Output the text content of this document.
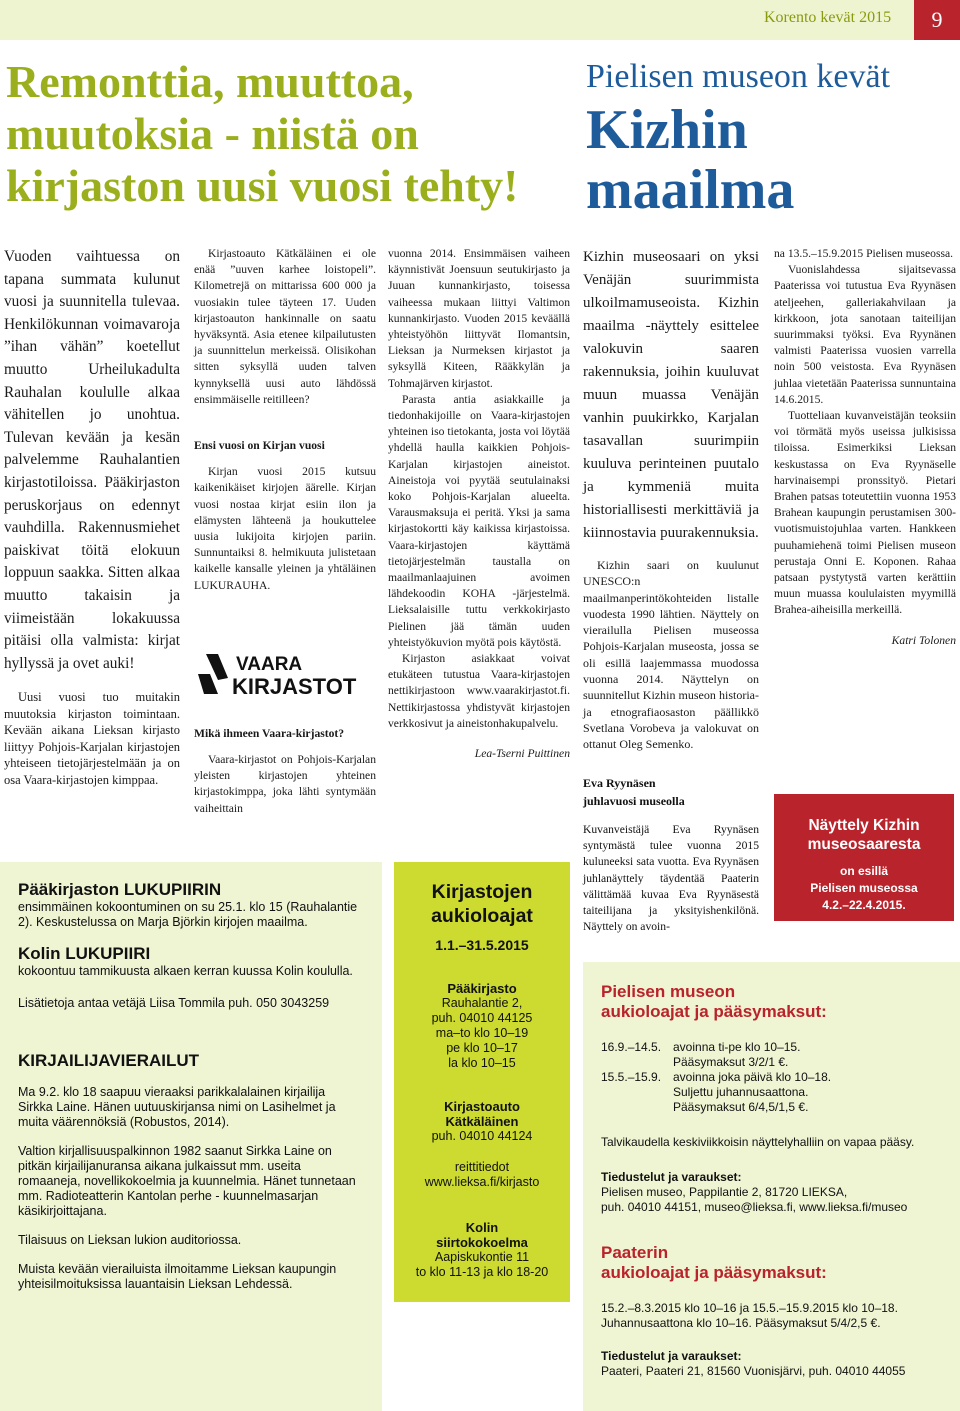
Korento kevät 2015	9
Remonttia, muuttoa, muutoksia - niistä on kirjaston uusi vuosi tehty!
Pielisen museon kevät
Kizhin maailma

Vuoden vaihtuessa on tapana summata kulunut vuosi ja suunnitella tulevaa. Henkilökunnan voimavaroja ”ihan vähän” koetellut muutto Urheilukadulta Rauhalan koululle alkaa vähitellen jo unohtua. Tulevan kevään ja kesän palvelemme Rauhalantien kirjastotiloissa. Pääkirjaston peruskorjaus on edennyt vauhdilla. Rakennusmiehet paiskivat töitä elokuun loppuun saakka. Sitten alkaa muutto takaisin ja viimeistään lokakuussa pitäisi olla valmista: kirjat hyllyssä ja ovet auki!

Uusi vuosi tuo muitakin muutoksia kirjaston toimintaan. Kevään aikana Lieksan kirjasto liittyy Pohjois-Karjalan kirjastojen yhteiseen tietojärjestelmään ja on osa Vaara-kirjastojen kimppaa.

Kirjastoauto Kätkäläinen ei ole enää ”uuven karhee loistopeli”. Kilometrejä on mittarissa 600 000 ja vuosiakin tulee täyteen 17. Uuden kirjastoauton hankinnalle on saatu hyväksyntä. Asia etenee kilpailutusten ja suunnittelun merkeissä. Olisikohan sitten syksyllä uuden talven kynnyksellä uusi auto lähdössä ensimmäiselle reitilleen?

Ensi vuosi on Kirjan vuosi

Kirjan vuosi 2015 kutsuu kaikenikäiset kirjojen äärelle. Kirjan vuosi nostaa kirjat esiin ilon ja elämysten lähteenä ja houkuttelee uusia lukijoita kirjojen pariin. Sunnuntaiksi 8. helmikuuta julistetaan kaikelle kansalle yleinen ja yhtäläinen LUKURAUHA.

Mikä ihmeen Vaara-kirjastot?

Vaara-kirjastot on Pohjois-Karjalan yleisten kirjastojen yhteinen kirjastokimppa, joka lähti syntymään vaiheittain

VAARA
KIRJASTOT

vuonna 2014. Ensimmäisen vaiheen käynnistivät Joensuun seutukirjasto ja Juuan kunnankirjasto, toisessa vaiheessa mukaan liittyi Valtimon kunnankirjasto. Vuoden 2015 keväällä yhteistyöhön liittyvät Ilomantsin, Lieksan ja Nurmeksen kirjastot ja syksyllä Kiteen, Rääkkylän ja Tohmajärven kirjastot.

Parasta antia asiakkaille ja tiedonhakijoille on Vaara-kirjastojen yhteinen iso tietokanta, josta voi löytää yhdellä haulla kaikkien Pohjois-Karjalan kirjastojen aineistot. Aineistoja voi pyytää seutulainaksi koko Pohjois-Karjalan alueelta. Varausmaksuja ei peritä. Yksi ja sama kirjastokortti käy kaikissa kirjastoissa. Vaara-kirjastojen käyttämä tietojärjestelmän taustalla on maailmanlaajuinen avoimen lähdekoodin KOHA -järjestelmä. Lieksalaisille tuttu verkkokirjasto Pielinen jää tämän uuden yhteistyökuvion myötä pois käytöstä.

Kirjaston asiakkaat voivat etukäteen tutustua Vaara-kirjastojen nettikirjastoon www.vaarakirjastot.fi. Nettikirjastossa yhdistyvät kirjastojen verkkosivut ja aineistonhakupalvelu.

Lea-Tserni Puittinen

Kizhin museosaari on yksi Venäjän suurimmista ulkoilmamuseoista. Kizhin maailma -näyttely esittelee valokuvin saaren rakennuksia, joihin kuuluvat muun muassa Venäjän vanhin puukirkko, Karjalan tasavallan suurimpiin kuuluva perinteinen puutalo ja kymmeniä muita historiallisesti merkittäviä ja kiinnostavia puurakennuksia.

Kizhin saari on kuulunut UNESCO:n maailmanperintökohteiden listalle vuodesta 1990 lähtien. Näyttely on vierailulla Pielisen museossa Pohjois-Karjalan museosta, jossa se oli esillä laajemmassa muodossa vuonna 2014. Näyttelyn on suunnitellut Kizhin museon historia- ja etnografiaosaston päällikkö Svetlana Vorobeva ja valokuvat on ottanut Oleg Semenko.

Eva Ryynäsen
juhlavuosi museolla

Kuvanveistäjä Eva Ryynäsen syntymästä tulee vuonna 2015 kuluneeksi sata vuotta. Eva Ryynäsen juhlanäyttely täydentää Paaterin välittämää kuvaa Eva Ryynäsestä taiteilijana ja yksityishenkilönä. Näyttely on avoin-

na 13.5.–15.9.2015 Pielisen museossa.

Vuonislahdessa sijaitsevassa Paaterissa voi tutustua Eva Ryynäsen ateljeehen, galleriakahvilaan ja kirkkoon, jota sanotaan taiteilijan suurimmaksi työksi. Eva Ryynänen valmisti Paaterissa vuosien varrella noin 500 veistosta. Eva Ryynäsen juhlaa vietetään Paaterissa sunnuntaina 14.6.2015.

Tuotteliaan kuvanveistäjän teoksiin voi törmätä myös useissa julkisissa tiloissa. Esimerkiksi Lieksan keskustassa on Eva Ryynäselle harvinaisempi pronssityö. Pietari Brahen patsas toteutettiin vuonna 1953 Brahean kaupungin perustamisen 300-vuotismuistojuhlaa varten. Hankkeen puuhamiehenä toimi Pielisen museon perustaja Onni E. Koponen. Rahaa patsaan pystytystä varten kerättiin muun muassa koululaisten myymillä Brahea-aiheisilla merkeillä.

Katri Tolonen

Näyttely Kizhin
museosaaresta
on esillä
Pielisen museossa
4.2.–22.4.2015.
Pääkirjaston LUKUPIIRIN
ensimmäinen kokoontuminen on su 25.1. klo 15 (Rauhalantie 2). Keskustelussa on Marja Björkin kirjojen maailma.
Kolin LUKUPIIRI
kokoontuu tammikuusta alkaen kerran kuussa Kolin koululla.
Lisätietoja antaa vetäjä Liisa Tommila puh. 050 3043259
KIRJAILIJAVIERAILUT
Ma 9.2. klo 18 saapuu vieraaksi parikkalalainen kirjailija Sirkka Laine. Hänen uutuuskirjansa nimi on Lasihelmet ja muita väärennöksiä (Robustos, 2014).
Valtion kirjallisuuspalkinnon 1982 saanut Sirkka Laine on pitkän kirjailijanuransa aikana julkaissut mm. useita romaaneja, novellikokoelmia ja kuunnelmia. Hänet tunnetaan mm. Radioteatterin Kantolan perhe - kuunnelmasarjan käsikirjoittajana.
Tilaisuus on Lieksan lukion auditoriossa.
Muista kevään vierailuista ilmoitamme Lieksan kaupungin yhteisilmoituksissa lauantaisin Lieksan Lehdessä.
Kirjastojen
aukioloajat
1.1.–31.5.2015
Pääkirjasto
Rauhalantie 2,
puh. 04010 44125
ma–to klo 10–19
pe klo 10–17
la klo 10–15
Kirjastoauto
Kätkäläinen
puh. 04010 44124
reittitiedot
www.lieksa.fi/kirjasto
Kolin
siirtokokoelma
Aapiskukontie 11
to klo 11-13 ja klo 18-20
Pielisen museon
aukioloajat ja pääsymaksut:
16.9.–14.5.	avoinna ti-pe klo 10–15.
	Pääsymaksut 3/2/1 €.
15.5.–15.9.	avoinna joka päivä klo 10–18.
	Suljettu juhannusaattona.
	Pääsymaksut 6/4,5/1,5 €.
Talvikaudella keskiviikkoisin näyttelyhalliin on vapaa pääsy.
Tiedustelut ja varaukset:
Pielisen museo, Pappilantie 2, 81720 LIEKSA,
puh. 04010 44151, museo@lieksa.fi, www.lieksa.fi/museo
Paaterin
aukioloajat ja pääsymaksut:
15.2.–8.3.2015 klo 10–16 ja 15.5.–15.9.2015 klo 10–18. Juhannusaattona klo 10–16. Pääsymaksut 5/4/2,5 €.
Tiedustelut ja varaukset:
Paateri, Paateri 21, 81560 Vuonisjärvi, puh. 04010 44055
